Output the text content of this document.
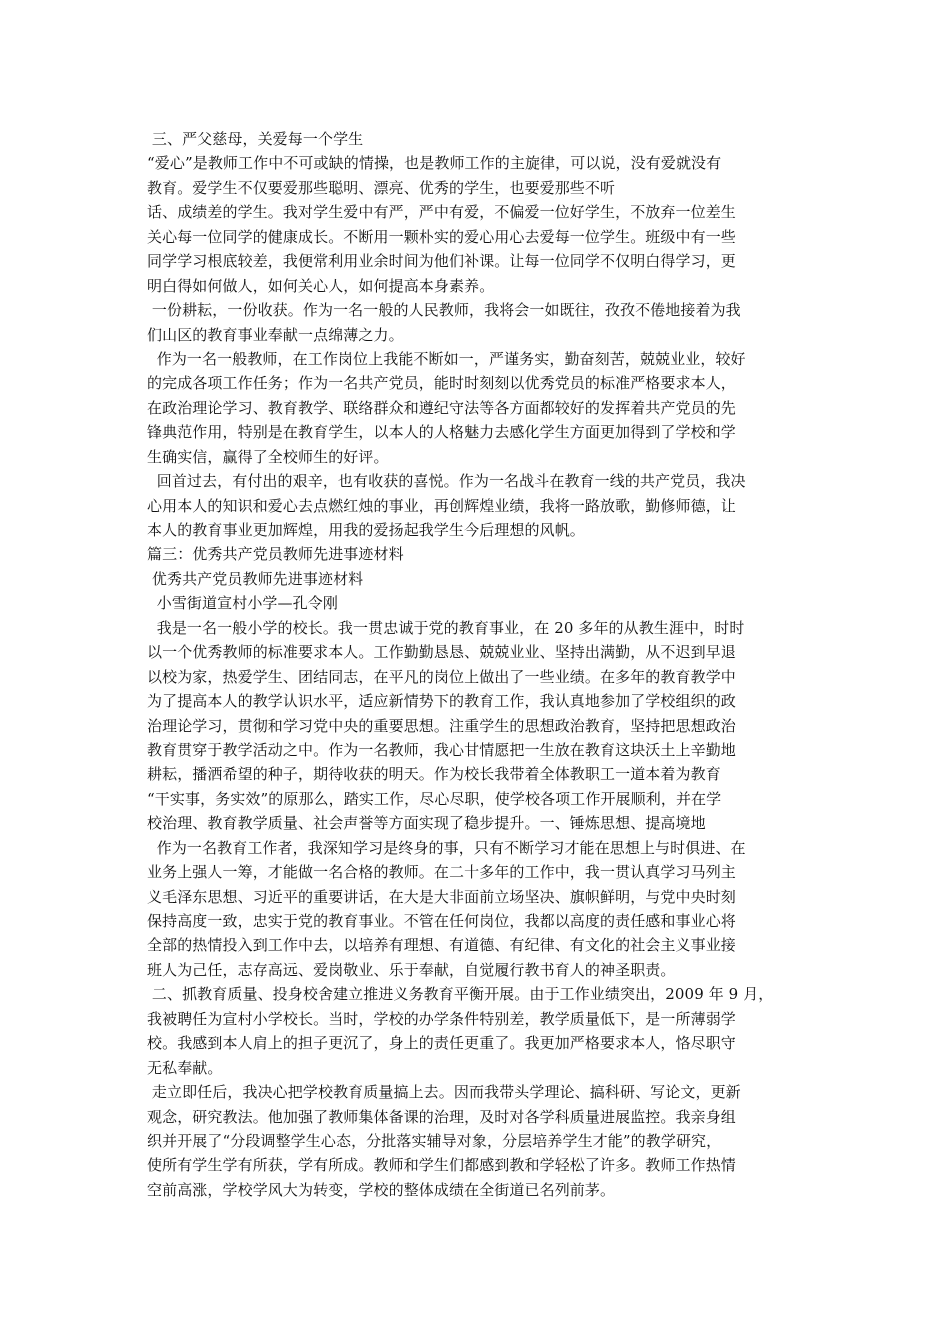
三、严父慈母，关爱每一个学生
“爱心”是教师工作中不可或缺的情操，也是教师工作的主旋律，可以说，没有爱就没有
教育。爱学生不仅要爱那些聪明、漂亮、优秀的学生，也要爱那些不听
话、成绩差的学生。我对学生爱中有严，严中有爱，不偏爱一位好学生，不放弃一位差生
关心每一位同学的健康成长。不断用一颗朴实的爱心用心去爱每一位学生。班级中有一些
同学学习根底较差，我便常利用业余时间为他们补课。让每一位同学不仅明白得学习，更
明白得如何做人，如何关心人，如何提高本身素养。
一份耕耘，一份收获。作为一名一般的人民教师，我将会一如既往，孜孜不倦地接着为我
们山区的教育事业奉献一点绵薄之力。
作为一名一般教师，在工作岗位上我能不断如一，严谨务实，勤奋刻苦，兢兢业业，较好
的完成各项工作任务；作为一名共产党员，能时时刻刻以优秀党员的标准严格要求本人，
在政治理论学习、教育教学、联络群众和遵纪守法等各方面都较好的发挥着共产党员的先
锋典范作用，特别是在教育学生，以本人的人格魅力去感化学生方面更加得到了学校和学
生确实信，赢得了全校师生的好评。
回首过去，有付出的艰辛，也有收获的喜悦。作为一名战斗在教育一线的共产党员，我决
心用本人的知识和爱心去点燃红烛的事业，再创辉煌业绩，我将一路放歌，勤修师德，让
本人的教育事业更加辉煌，用我的爱扬起我学生今后理想的风帆。
篇三：优秀共产党员教师先进事迹材料
优秀共产党员教师先进事迹材料
小雪街道宣村小学—孔令刚
我是一名一般小学的校长。我一贯忠诚于党的教育事业，在 20 多年的从教生涯中，时时
以一个优秀教师的标准要求本人。工作勤勤恳恳、兢兢业业、坚持出满勤，从不迟到早退
以校为家，热爱学生、团结同志，在平凡的岗位上做出了一些业绩。在多年的教育教学中
为了提高本人的教学认识水平，适应新情势下的教育工作，我认真地参加了学校组织的政
治理论学习，贯彻和学习党中央的重要思想。注重学生的思想政治教育，坚持把思想政治
教育贯穿于教学活动之中。作为一名教师，我心甘情愿把一生放在教育这块沃土上辛勤地
耕耘，播洒希望的种子，期待收获的明天。作为校长我带着全体教职工一道本着为教育
“干实事，务实效”的原那么，踏实工作，尽心尽职，使学校各项工作开展顺利，并在学
校治理、教育教学质量、社会声誉等方面实现了稳步提升。一、锤炼思想、提高境地
作为一名教育工作者，我深知学习是终身的事，只有不断学习才能在思想上与时俱进、在
业务上强人一筹，才能做一名合格的教师。在二十多年的工作中，我一贯认真学习马列主
义毛泽东思想、习近平的重要讲话，在大是大非面前立场坚决、旗帜鲜明，与党中央时刻
保持高度一致，忠实于党的教育事业。不管在任何岗位，我都以高度的责任感和事业心将
全部的热情投入到工作中去，以培养有理想、有道德、有纪律、有文化的社会主义事业接
班人为己任，志存高远、爱岗敬业、乐于奉献，自觉履行教书育人的神圣职责。
二、抓教育质量、投身校舍建立推进义务教育平衡开展。由于工作业绩突出，2009 年 9 月，
我被聘任为宣村小学校长。当时，学校的办学条件特别差，教学质量低下，是一所薄弱学
校。我感到本人肩上的担子更沉了，身上的责任更重了。我更加严格要求本人，恪尽职守
无私奉献。
走立即任后，我决心把学校教育质量搞上去。因而我带头学理论、搞科研、写论文，更新
观念，研究教法。他加强了教师集体备课的治理，及时对各学科质量进展监控。我亲身组
织并开展了“分段调整学生心态，分批落实辅导对象，分层培养学生才能”的教学研究，
使所有学生学有所获，学有所成。教师和学生们都感到教和学轻松了许多。教师工作热情
空前高涨，学校学风大为转变，学校的整体成绩在全街道已名列前茅。
